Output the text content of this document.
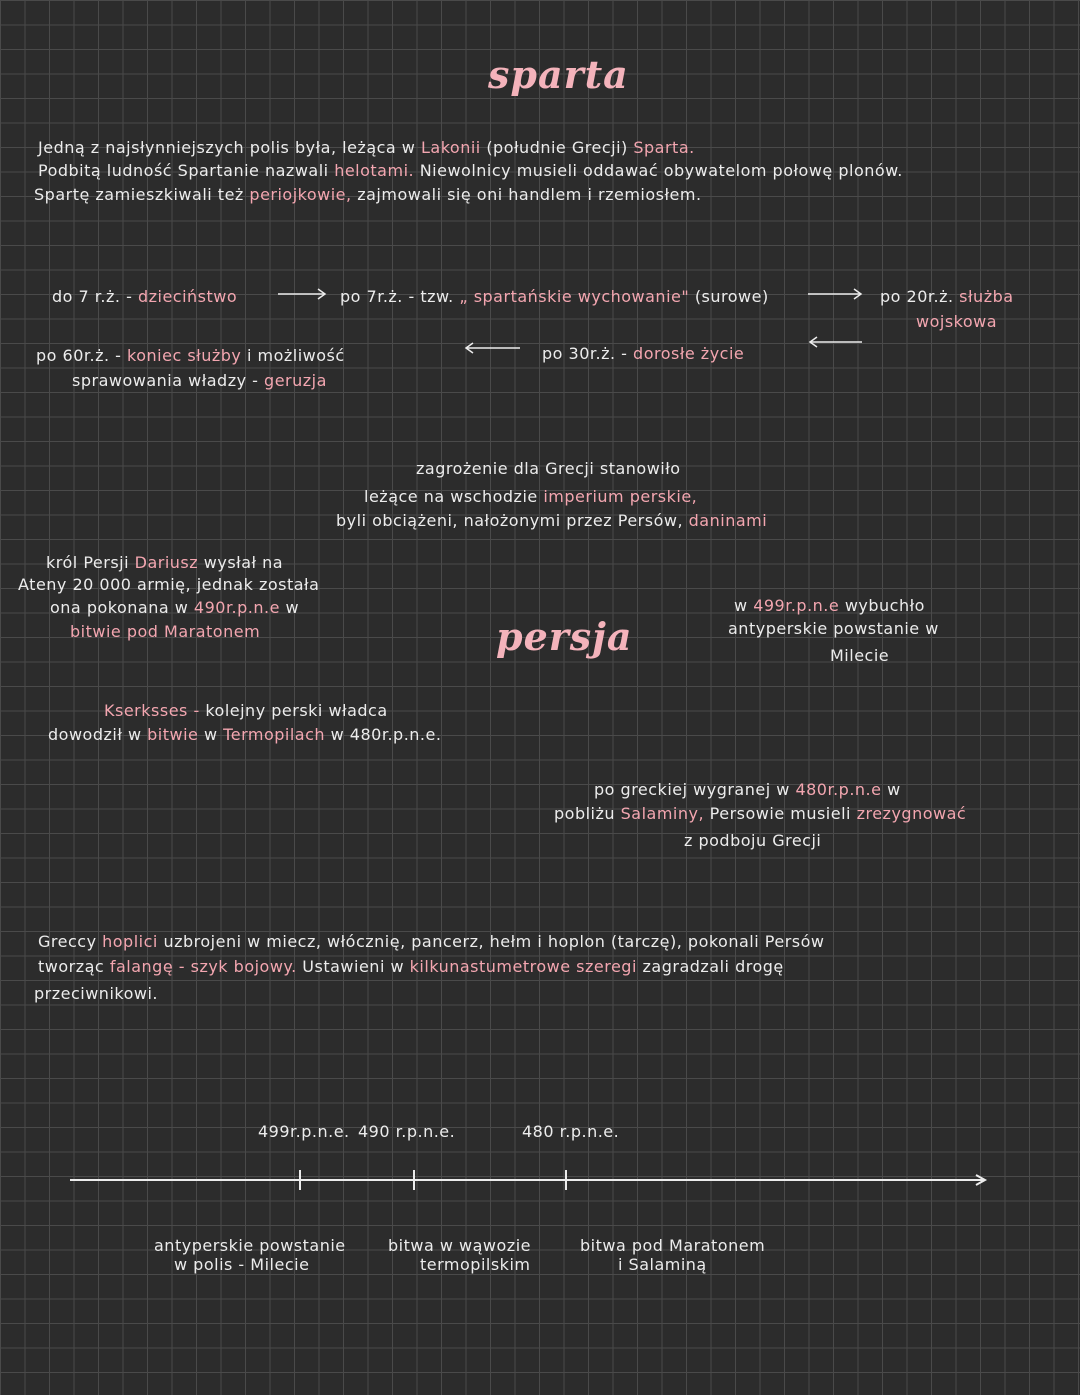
sparta
persja
Jedną z najsłynniejszych polis była, leżąca w Lakonii (południe Grecji) Sparta.
Podbitą ludność Spartanie nazwali helotami. Niewolnicy musieli oddawać obywatelom połowę plonów.
Spartę zamieszkiwali też periojkowie, zajmowali się oni handlem i rzemiosłem.
do 7 r.ż. - dzieciństwo	po 7r.ż. - tzw. „ spartańskie wychowanie" (surowe)	po 20r.ż. służba
wojskowa
po 30r.ż. - dorosłe życie
po 60r.ż. - koniec służby i możliwość
sprawowania władzy - geruzja
zagrożenie dla Grecji stanowiło
leżące na wschodzie imperium perskie,
byli obciążeni, nałożonymi przez Persów, daninami
król Persji Dariusz wysłał na
Ateny 20 000 armię, jednak została
ona pokonana w 490r.p.n.e w
bitwie pod Maratonem
w 499r.p.n.e wybuchło
antyperskie powstanie w
Milecie
Kserksses - kolejny perski władca
dowodził w bitwie w Termopilach w 480r.p.n.e.
po greckiej wygranej w 480r.p.n.e w
pobliżu Salaminy, Persowie musieli zrezygnować
z podboju Grecji
Greccy hoplici uzbrojeni w miecz, włócznię, pancerz, hełm i hoplon (tarczę), pokonali Persów
tworząc falangę - szyk bojowy. Ustawieni w kilkunastumetrowe szeregi zagradzali drogę
przeciwnikowi.
499r.p.n.e. 490 r.p.n.e.	480 r.p.n.e.
antyperskie powstanie
w polis - Milecie
bitwa w wąwozie
termopilskim
bitwa pod Maratonem
i Salaminą
